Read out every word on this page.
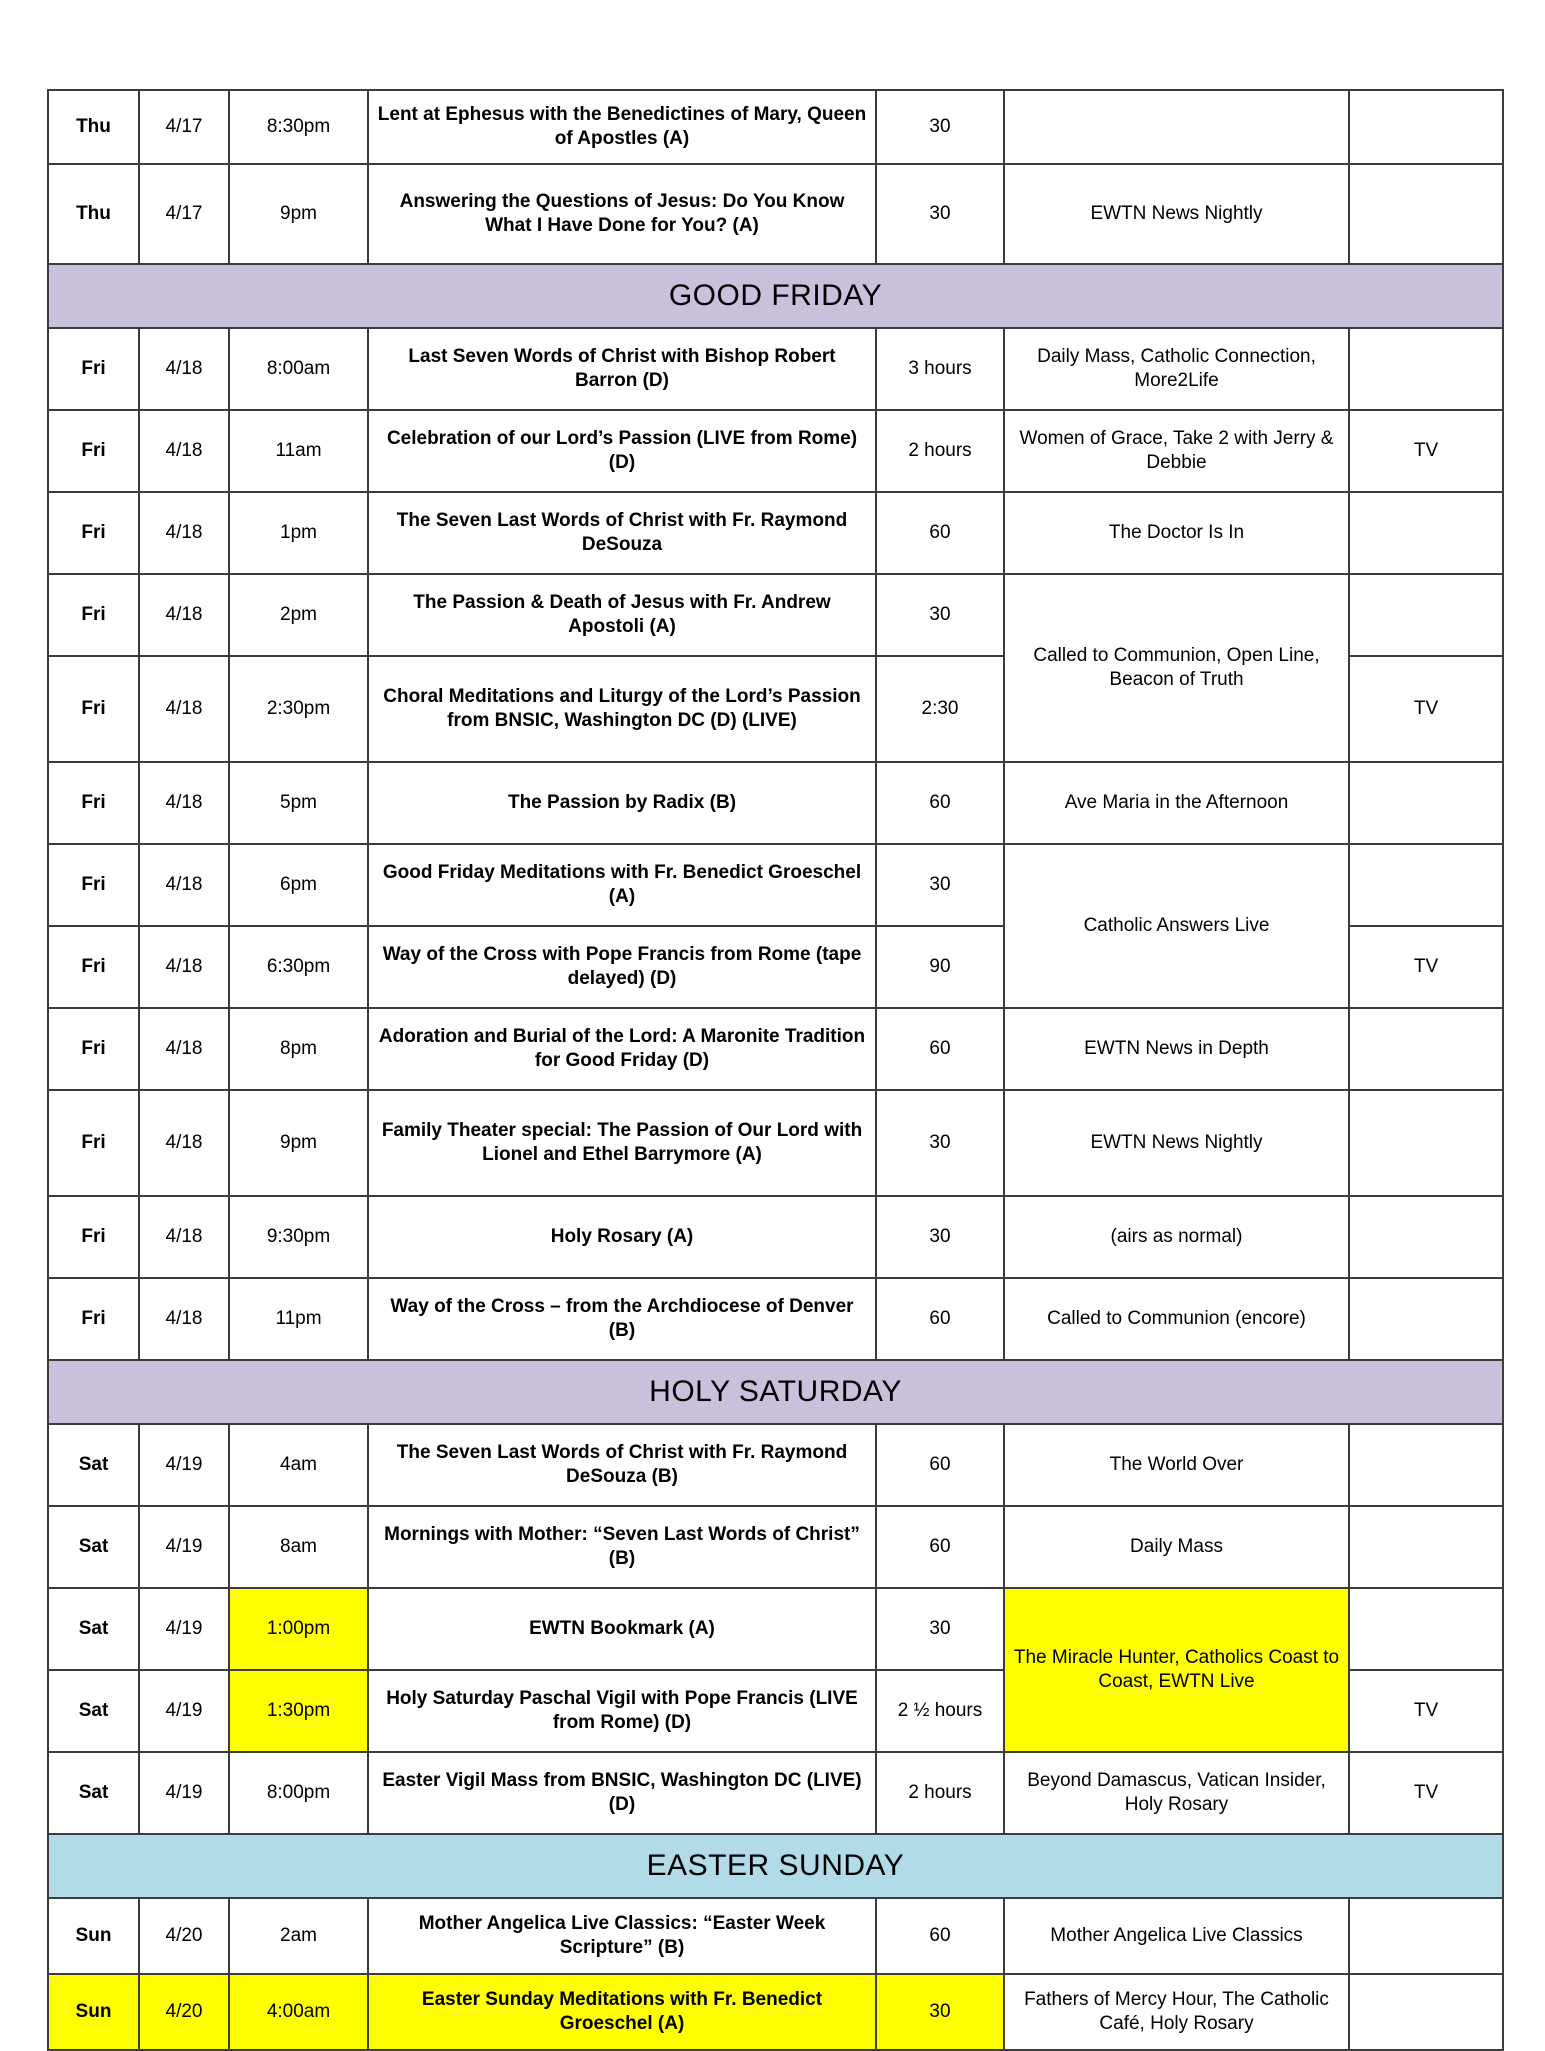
Thu	4/17	8:30pm	Lent at Ephesus with the Benedictines of Mary, Queen of Apostles (A)	30		
Thu	4/17	9pm	Answering the Questions of Jesus: Do You Know What I Have Done for You? (A)	30	EWTN News Nightly	
GOOD FRIDAY						
Fri	4/18	8:00am	Last Seven Words of Christ with Bishop Robert Barron (D)	3 hours	Daily Mass, Catholic Connection, More2Life	
Fri	4/18	11am	Celebration of our Lord’s Passion (LIVE from Rome) (D)	2 hours	Women of Grace, Take 2 with Jerry & Debbie	TV
Fri	4/18	1pm	The Seven Last Words of Christ with Fr. Raymond DeSouza	60	The Doctor Is In	
Fri	4/18	2pm	The Passion & Death of Jesus with Fr. Andrew Apostoli (A)	30	Called to Communion, Open Line, Beacon of Truth	
Fri	4/18	2:30pm	Choral Meditations and Liturgy of the Lord’s Passion from BNSIC, Washington DC (D) (LIVE)	2:30		TV
Fri	4/18	5pm	The Passion by Radix (B)	60	Ave Maria in the Afternoon	
Fri	4/18	6pm	Good Friday Meditations with Fr. Benedict Groeschel (A)	30	Catholic Answers Live	
Fri	4/18	6:30pm	Way of the Cross with Pope Francis from Rome (tape delayed) (D)	90		TV
Fri	4/18	8pm	Adoration and Burial of the Lord: A Maronite Tradition for Good Friday (D)	60	EWTN News in Depth	
Fri	4/18	9pm	Family Theater special: The Passion of Our Lord with Lionel and Ethel Barrymore (A)	30	EWTN News Nightly	
Fri	4/18	9:30pm	Holy Rosary (A)	30	(airs as normal)	
Fri	4/18	11pm	Way of the Cross – from the Archdiocese of Denver (B)	60	Called to Communion (encore)	
HOLY SATURDAY						
Sat	4/19	4am	The Seven Last Words of Christ with Fr. Raymond DeSouza (B)	60	The World Over	
Sat	4/19	8am	Mornings with Mother: “Seven Last Words of Christ” (B)	60	Daily Mass	
Sat	4/19	1:00pm	EWTN Bookmark (A)	30	The Miracle Hunter, Catholics Coast to Coast, EWTN Live	
Sat	4/19	1:30pm	Holy Saturday Paschal Vigil with Pope Francis (LIVE from Rome) (D)	2 ½ hours		TV
Sat	4/19	8:00pm	Easter Vigil Mass from BNSIC, Washington DC (LIVE) (D)	2 hours	Beyond Damascus, Vatican Insider, Holy Rosary	TV
EASTER SUNDAY						
Sun	4/20	2am	Mother Angelica Live Classics: “Easter Week Scripture” (B)	60	Mother Angelica Live Classics	
Sun	4/20	4:00am	Easter Sunday Meditations with Fr. Benedict Groeschel (A)	30	Fathers of Mercy Hour, The Catholic Café, Holy Rosary	
